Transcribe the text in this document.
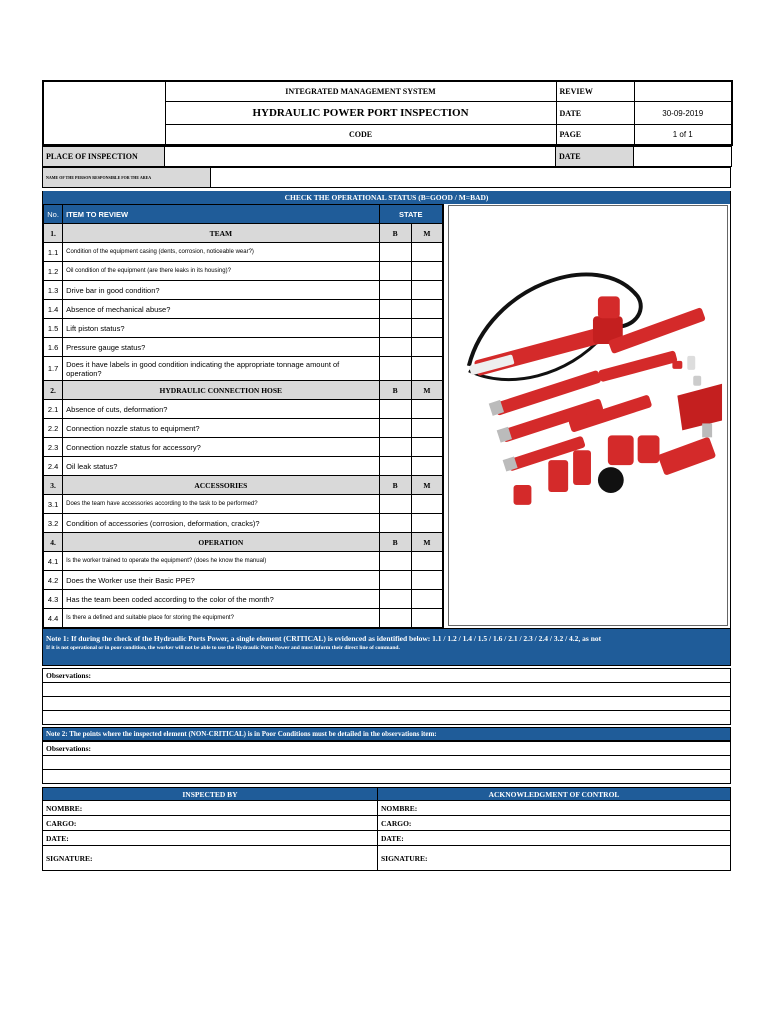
	INTEGRATED MANAGEMENT SYSTEM	REVIEW	
	HYDRAULIC POWER PORT INSPECTION	DATE	30-09-2019
	CODE	PAGE	1 of 1
PLACE OF INSPECTION		DATE	
NAME OF THE PERSON RESPONSIBLE FOR THE AREA	
CHECK THE OPERATIONAL STATUS (B=GOOD / M=BAD)
No.	ITEM TO REVIEW	STATE	
1.	TEAM	B	M
1.1	Condition of the equipment casing (dents, corrosion, noticeable wear?)		
1.2	Oil condition of the equipment (are there leaks in its housing)?		
1.3	Drive bar in good condition?		
1.4	Absence of mechanical abuse?		
1.5	Lift piston status?		
1.6	Pressure gauge status?		
1.7	Does it have labels in good condition indicating the appropriate tonnage amount of operation?		
2.	HYDRAULIC CONNECTION HOSE	B	M
2.1	Absence of cuts, deformation?		
2.2	Connection nozzle status to equipment?		
2.3	Connection nozzle status for accessory?		
2.4	Oil leak status?		
3.	ACCESSORIES	B	M
3.1	Does the team have accessories according to the task to be performed?		
3.2	Condition of accessories (corrosion, deformation, cracks)?		
4.	OPERATION	B	M
4.1	Is the worker trained to operate the equipment? (does he know the manual)		
4.2	Does the Worker use their Basic PPE?		
4.3	Has the team been coded according to the color of the month?		
4.4	Is there a defined and suitable place for storing the equipment?		
Note 1: If during the check of the Hydraulic Ports Power, a single element (CRITICAL) is evidenced as identified below: 1.1 / 1.2 / 1.4 / 1.5 / 1.6 / 2.1 / 2.3 / 2.4 / 3.2 / 4.2, as not
If it is not operational or in poor condition, the worker will not be able to use the Hydraulic Ports Power and must inform their direct line of command.
Observations:

Note 2: The points where the inspected element (NON-CRITICAL) is in Poor Conditions must be detailed in the observations item:
Observations:

INSPECTED BY	ACKNOWLEDGMENT OF CONTROL
NOMBRE:	NOMBRE:
CARGO:	CARGO:
DATE:	DATE:
SIGNATURE:	SIGNATURE:
